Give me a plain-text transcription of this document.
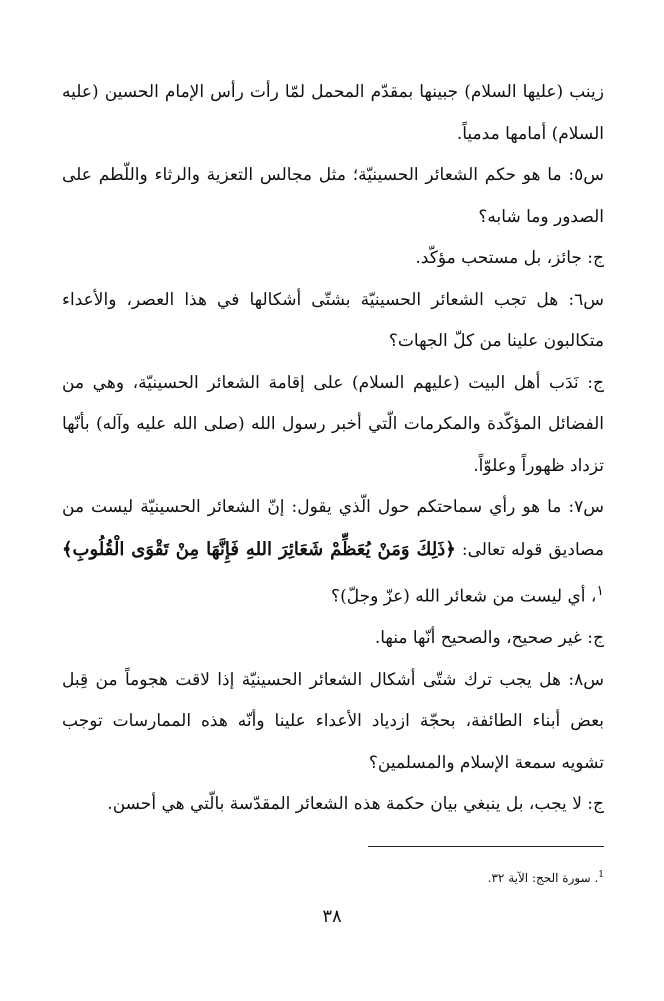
زينب (عليها السلام) جبينها بمقدّم المحمل لمّا رأت رأس الإمام الحسين (عليه السلام) أمامها مدمياً.

س٥: ما هو حكم الشعائر الحسينيّة؛ مثل مجالس التعزية والرثاء واللّطم على الصدور وما شابه؟

ج: جائز، بل مستحب مؤكّد.

س٦: هل تجب الشعائر الحسينيّة بشتّى أشكالها في هذا العصر، والأعداء متكالبون علينا من كلّ الجهات؟

ج: نَدَب أهل البيت (عليهم السلام) على إقامة الشعائر الحسينيّة، وهي من الفضائل المؤكّدة والمكرمات الّتي أخبر رسول الله (صلى الله عليه وآله) بأنّها تزداد ظهوراً وعلوّاً.

س٧: ما هو رأي سماحتكم حول الّذي يقول: إنّ الشعائر الحسينيّة ليست من مصاديق قوله تعالى: ﴿ذَلِكَ وَمَنْ يُعَظِّمْ شَعَائِرَ اللهِ فَإِنَّهَا مِنْ تَقْوَى الْقُلُوبِ﴾$^١$، أي ليست من شعائر الله (عزّ وجلّ)؟

ج: غير صحيح، والصحيح أنّها منها.

س٨: هل يجب ترك شتّى أشكال الشعائر الحسينيّة إذا لاقت هجوماً من قِبل بعض أبناء الطائفة، بحجّة ازدياد الأعداء علينا وأنّه هذه الممارسات توجب تشويه سمعة الإسلام والمسلمين؟

ج: لا يجب، بل ينبغي بيان حكمة هذه الشعائر المقدّسة بالّتي هي أحسن.

$^1$. سورة الحج: الآية ٣٢.
٣٨
